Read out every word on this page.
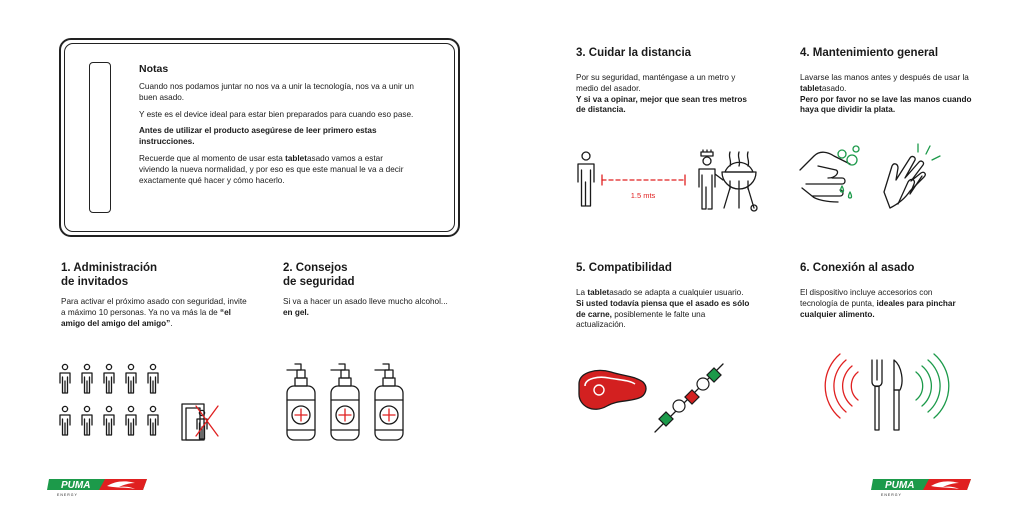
Notas

Cuando nos podamos juntar no nos va a unir la tecnología, nos va a unir un buen asado.

Y este es el device ideal para estar bien preparados para cuando eso pase.

Antes de utilizar el producto asegúrese de leer primero estas instrucciones.

Recuerde que al momento de usar esta tabletasado vamos a estar viviendo la nueva normalidad, y por eso es que este manual le va a decir exactamente qué hacer y cómo hacerlo.

1. Administración
de invitados

Para activar el próximo asado con seguridad, invite a máximo 10 personas. Ya no va más la de “el amigo del amigo del amigo”.

2. Consejos
de seguridad

Si va a hacer un asado lleve mucho alcohol... en gel.

3. Cuidar la distancia

Por su seguridad, manténgase a un metro y medio del asador.

Y si va a opinar, mejor que sean tres metros de distancia.

1.5 mts
4. Mantenimiento general

Lavarse las manos antes y después de usar la tabletasado.

Pero por favor no se lave las manos cuando haya que dividir la plata.

5. Compatibilidad

La tabletasado se adapta a cualquier usuario.

Si usted todavía piensa que el asado es sólo de carne, posiblemente le falte una actualización.

6. Conexión al asado

El dispositivo incluye accesorios con tecnología de punta, ideales para pinchar cualquier alimento.

PUMA
ENERGY
PUMA
ENERGY
